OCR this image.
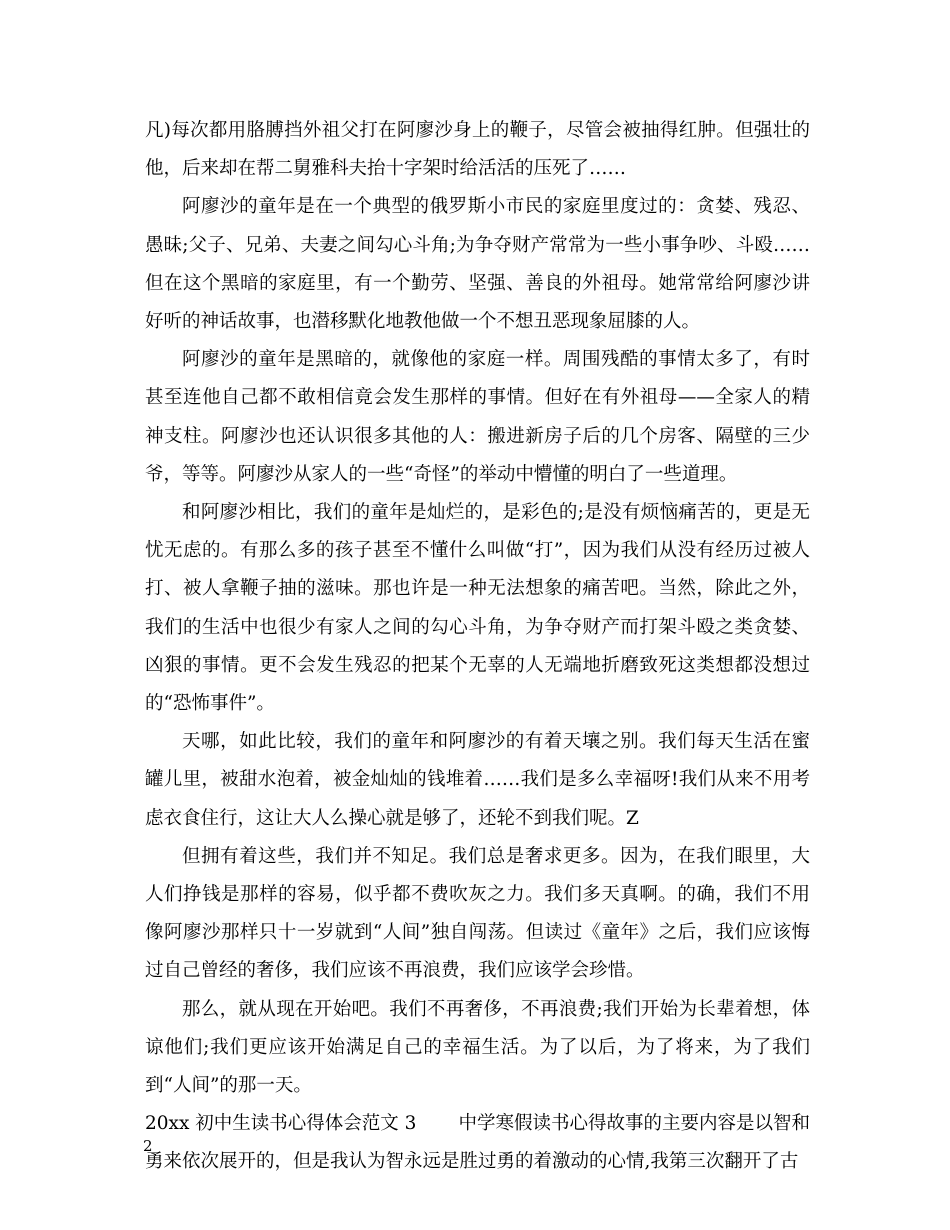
凡)每次都用胳膊挡外祖父打在阿廖沙身上的鞭子，尽管会被抽得红肿。但强壮的他，后来却在帮二舅雅科夫抬十字架时给活活的压死了……

阿廖沙的童年是在一个典型的俄罗斯小市民的家庭里度过的：贪婪、残忍、愚昧;父子、兄弟、夫妻之间勾心斗角;为争夺财产常常为一些小事争吵、斗殴……但在这个黑暗的家庭里，有一个勤劳、坚强、善良的外祖母。她常常给阿廖沙讲好听的神话故事，也潜移默化地教他做一个不想丑恶现象屈膝的人。

阿廖沙的童年是黑暗的，就像他的家庭一样。周围残酷的事情太多了，有时甚至连他自己都不敢相信竟会发生那样的事情。但好在有外祖母——全家人的精神支柱。阿廖沙也还认识很多其他的人：搬进新房子后的几个房客、隔壁的三少爷，等等。阿廖沙从家人的一些“奇怪”的举动中懵懂的明白了一些道理。

和阿廖沙相比，我们的童年是灿烂的，是彩色的;是没有烦恼痛苦的，更是无忧无虑的。有那么多的孩子甚至不懂什么叫做“打”，因为我们从没有经历过被人打、被人拿鞭子抽的滋味。那也许是一种无法想象的痛苦吧。当然，除此之外，我们的生活中也很少有家人之间的勾心斗角，为争夺财产而打架斗殴之类贪婪、凶狠的事情。更不会发生残忍的把某个无辜的人无端地折磨致死这类想都没想过的“恐怖事件”。

天哪，如此比较，我们的童年和阿廖沙的有着天壤之别。我们每天生活在蜜罐儿里，被甜水泡着，被金灿灿的钱堆着……我们是多么幸福呀!我们从来不用考虑衣食住行，这让大人么操心就是够了，还轮不到我们呢。Z

但拥有着这些，我们并不知足。我们总是奢求更多。因为，在我们眼里，大人们挣钱是那样的容易，似乎都不费吹灰之力。我们多天真啊。的确，我们不用像阿廖沙那样只十一岁就到“人间”独自闯荡。但读过《童年》之后，我们应该悔过自己曾经的奢侈，我们应该不再浪费，我们应该学会珍惜。

那么，就从现在开始吧。我们不再奢侈，不再浪费;我们开始为长辈着想，体谅他们;我们更应该开始满足自己的幸福生活。为了以后，为了将来，为了我们到“人间”的那一天。

20xx 初中生读书心得体会范文 3 中学寒假读书心得故事的主要内容是以智和

勇来依次展开的，但是我认为智永远是胜过勇的着激动的心情,我第三次翻开了古

2
